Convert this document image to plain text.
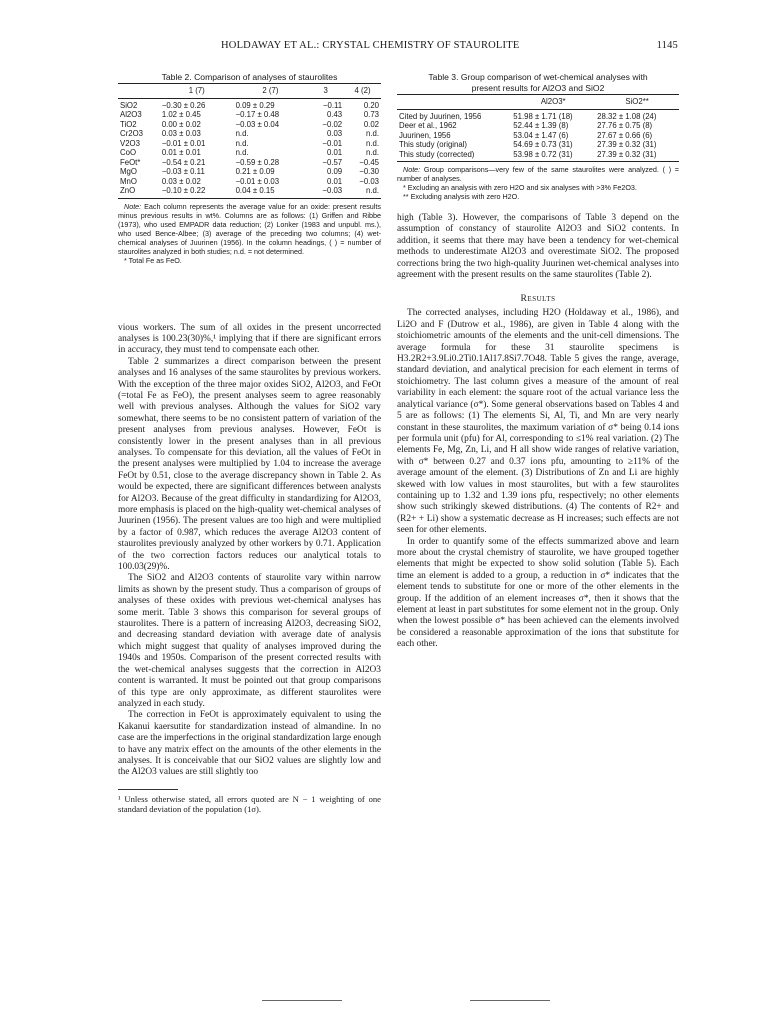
HOLDAWAY ET AL.: CRYSTAL CHEMISTRY OF STAUROLITE	1145
Table 2. Comparison of analyses of staurolites
	1 (7)	2 (7)	3	4 (2)
SiO2	−0.30 ± 0.26	0.09 ± 0.29	−0.11	0.20
Al2O3	1.02 ± 0.45	−0.17 ± 0.48	0.43	0.73
TiO2	0.00 ± 0.02	−0.03 ± 0.04	−0.02	0.02
Cr2O3	0.03 ± 0.03	n.d.	0.03	n.d.
V2O3	−0.01 ± 0.01	n.d.	−0.01	n.d.
CoO	0.01 ± 0.01	n.d.	0.01	n.d.
FeOt*	−0.54 ± 0.21	−0.59 ± 0.28	−0.57	−0.45
MgO	−0.03 ± 0.11	0.21 ± 0.09	0.09	−0.30
MnO	0.03 ± 0.02	−0.01 ± 0.03	0.01	−0.03
ZnO	−0.10 ± 0.22	0.04 ± 0.15	−0.03	n.d.

Note: Each column represents the average value for an oxide: present results minus previous results in wt%. Columns are as follows: (1) Griffen and Ribbe (1973), who used EMPADR data reduction; (2) Lonker (1983 and unpubl. ms.), who used Bence-Albee; (3) average of the preceding two columns; (4) wet-chemical analyses of Juurinen (1956). In the column headings, ( ) = number of staurolites analyzed in both studies; n.d. = not determined.

* Total Fe as FeO.

vious workers. The sum of all oxides in the present uncorrected analyses is 100.23(30)%,¹ implying that if there are significant errors in accuracy, they must tend to compensate each other.

Table 2 summarizes a direct comparison between the present analyses and 16 analyses of the same staurolites by previous workers. With the exception of the three major oxides SiO2, Al2O3, and FeOt (=total Fe as FeO), the present analyses seem to agree reasonably well with previous analyses. Although the values for SiO2 vary somewhat, there seems to be no consistent pattern of variation of the present analyses from previous analyses. However, FeOt is consistently lower in the present analyses than in all previous analyses. To compensate for this deviation, all the values of FeOt in the present analyses were multiplied by 1.04 to increase the average FeOt by 0.51, close to the average discrepancy shown in Table 2. As would be expected, there are significant differences between analysts for Al2O3. Because of the great difficulty in standardizing for Al2O3, more emphasis is placed on the high-quality wet-chemical analyses of Juurinen (1956). The present values are too high and were multiplied by a factor of 0.987, which reduces the average Al2O3 content of staurolites previously analyzed by other workers by 0.71. Application of the two correction factors reduces our analytical totals to 100.03(29)%.

The SiO2 and Al2O3 contents of staurolite vary within narrow limits as shown by the present study. Thus a comparison of groups of analyses of these oxides with previous wet-chemical analyses has some merit. Table 3 shows this comparison for several groups of staurolites. There is a pattern of increasing Al2O3, decreasing SiO2, and decreasing standard deviation with average date of analysis which might suggest that quality of analyses improved during the 1940s and 1950s. Comparison of the present corrected results with the wet-chemical analyses suggests that the correction in Al2O3 content is warranted. It must be pointed out that group comparisons of this type are only approximate, as different staurolites were analyzed in each study.

The correction in FeOt is approximately equivalent to using the Kakanui kaersutite for standardization instead of almandine. In no case are the imperfections in the original standardization large enough to have any matrix effect on the amounts of the other elements in the analyses. It is conceivable that our SiO2 values are slightly low and the Al2O3 values are still slightly too

¹ Unless otherwise stated, all errors quoted are N − 1 weighting of one standard deviation of the population (1σ).
Table 3. Group comparison of wet-chemical analyses with
present results for Al2O3 and SiO2
	Al2O3*	SiO2**
Cited by Juurinen, 1956	51.98 ± 1.71 (18)	28.32 ± 1.08 (24)
Deer et al., 1962	52.44 ± 1.39 (8)	27.76 ± 0.75 (8)
Juurinen, 1956	53.04 ± 1.47 (6)	27.67 ± 0.66 (6)
This study (original)	54.69 ± 0.73 (31)	27.39 ± 0.32 (31)
This study (corrected)	53.98 ± 0.72 (31)	27.39 ± 0.32 (31)

Note: Group comparisons—very few of the same staurolites were analyzed. ( ) = number of analyses.

* Excluding an analysis with zero H2O and six analyses with >3% Fe2O3.

** Excluding analysis with zero H2O.

high (Table 3). However, the comparisons of Table 3 depend on the assumption of constancy of staurolite Al2O3 and SiO2 contents. In addition, it seems that there may have been a tendency for wet-chemical methods to underestimate Al2O3 and overestimate SiO2. The proposed corrections bring the two high-quality Juurinen wet-chemical analyses into agreement with the present results on the same staurolites (Table 2).

Results

The corrected analyses, including H2O (Holdaway et al., 1986), and Li2O and F (Dutrow et al., 1986), are given in Table 4 along with the stoichiometric amounts of the elements and the unit-cell dimensions. The average formula for these 31 staurolite specimens is H3.2R2+3.9Li0.2Ti0.1Al17.8Si7.7O48. Table 5 gives the range, average, standard deviation, and analytical precision for each element in terms of stoichiometry. The last column gives a measure of the amount of real variability in each element: the square root of the actual variance less the analytical variance (σ*). Some general observations based on Tables 4 and 5 are as follows: (1) The elements Si, Al, Ti, and Mn are very nearly constant in these staurolites, the maximum variation of σ* being 0.14 ions per formula unit (pfu) for Al, corresponding to ≤1% real variation. (2) The elements Fe, Mg, Zn, Li, and H all show wide ranges of relative variation, with σ* between 0.27 and 0.37 ions pfu, amounting to ≥11% of the average amount of the element. (3) Distributions of Zn and Li are highly skewed with low values in most staurolites, but with a few staurolites containing up to 1.32 and 1.39 ions pfu, respectively; no other elements show such strikingly skewed distributions. (4) The contents of R2+ and (R2+ + Li) show a systematic decrease as H increases; such effects are not seen for other elements.

In order to quantify some of the effects summarized above and learn more about the crystal chemistry of staurolite, we have grouped together elements that might be expected to show solid solution (Table 5). Each time an element is added to a group, a reduction in σ* indicates that the element tends to substitute for one or more of the other elements in the group. If the addition of an element increases σ*, then it shows that the element at least in part substitutes for some element not in the group. Only when the lowest possible σ* has been achieved can the elements involved be considered a reasonable approximation of the ions that substitute for each other.
